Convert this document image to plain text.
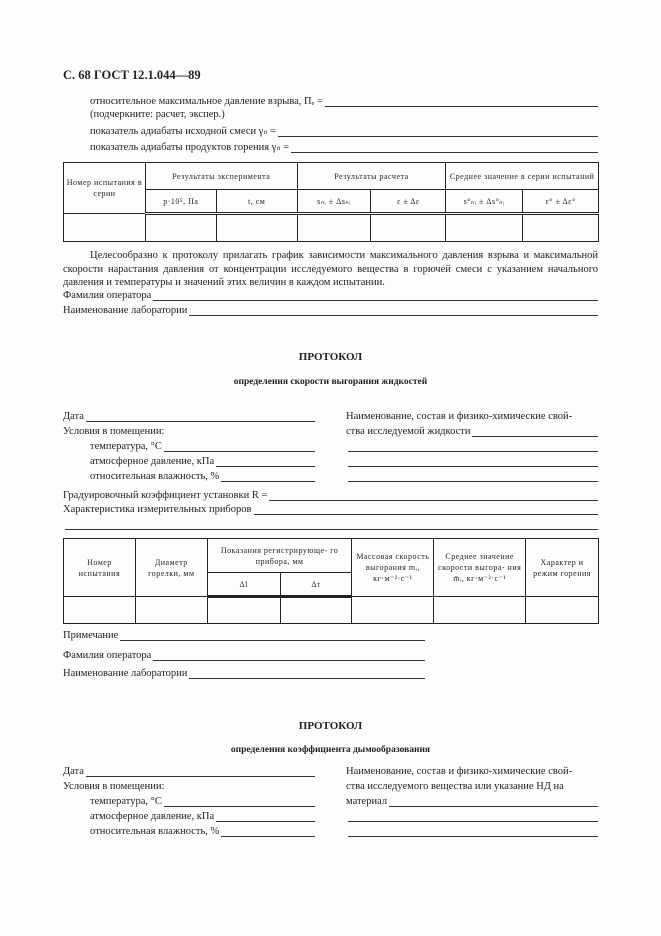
С. 68 ГОСТ 12.1.044—89
относительное максимальное давление взрыва, Πₑ =
(подчеркните: расчет, экспер.)
показатель адиабаты исходной смеси γₙ =
показатель адиабаты продуктов горения γₙ =
Номер испытания в серии	Результаты эксперимента		Результаты расчета		Среднее значение в серии испытаний	
	p·10⁵, Па	t, см	sₙᵢ ± Δsₙᵢ	ε ± Δε	s°ₙᵢ ± Δs°ₙᵢ	ε° ± Δε°

Целесообразно к протоколу прилагать график зависимости максимального давления взрыва и максимальной скорости нарастания давления от концентрации исследуемого вещества в горючей смеси с указанием начального давления и температуры и значений этих величин в каждом испытании.

Фамилия оператора
Наименование лаборатории
ПРОТОКОЛ
определения скорости выгорания жидкостей
Дата
Условия в помещении:
температура, °С
атмосферное давление, кПа
относительная влажность, %
Наименование, состав и физико-химические свой-
ства исследуемой жидкости
Градуировочный коэффициент установки R =
Характеристика измерительных приборов
Номер испытания	Диаметр горелки, мм	Показания регистрирующе- го прибора, мм		Массовая скорость выгорания mᵢ, кг·м⁻²·с⁻¹	Среднее значение скорости выгора- ния m̄ᵢ, кг·м⁻²·с⁻¹	Характер и режим горения
		Δl	Δτ			

Примечание
Фамилия оператора
Наименование лаборатории
ПРОТОКОЛ
определения коэффициента дымообразования
Дата
Условия в помещении:
температура, °С
атмосферное давление, кПа
относительная влажность, %
Наименование, состав и физико-химические свой-
ства исследуемого вещества или указание НД на
материал
